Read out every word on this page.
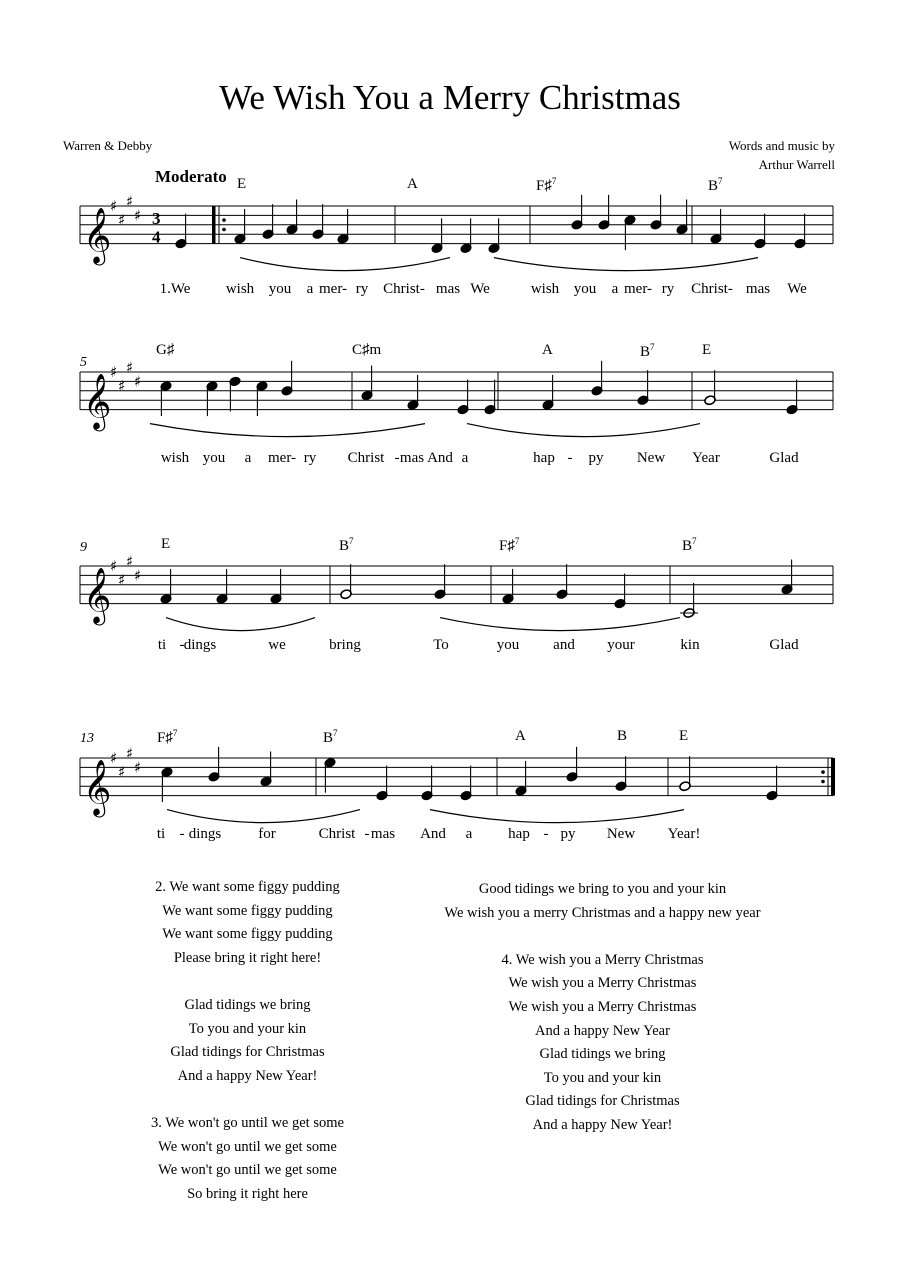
We Wish You a Merry Christmas
Warren & Debby	Words and music by
Arthur Warrell
Moderato
𝄞
♯
♯
♯
♯ 3
4
𝄞
♯
♯
♯
♯
𝄞
♯
♯
♯
♯
𝄞
♯
♯
♯
♯
E	A	F♯$^7$	$B^7$
1.We wish you a mer- ry Christ- mas We	wish you a mer- ry Christ- mas We
5
G♯	C♯m	A	$B^7$	E
wish you a mer- ry Christ - mas And a	hap - py New Year	Glad
9	E	$B^7$	F♯$^7$	$B^7$
ti - dings	we	bring	To	you and your	kin	Glad
13	F♯$^7$	$B^7$	A	B	E
ti - dings for	Christ - mas And a hap - py New Year!
2. We want some figgy pudding
We want some figgy pudding
We want some figgy pudding
Please bring it right here!
Glad tidings we bring
To you and your kin
Glad tidings for Christmas
And a happy New Year!
3. We won't go until we get some
We won't go until we get some
We won't go until we get some
So bring it right here
Good tidings we bring to you and your kin
We wish you a merry Christmas and a happy new year
4. We wish you a Merry Christmas
We wish you a Merry Christmas
We wish you a Merry Christmas
And a happy New Year
Glad tidings we bring
To you and your kin
Glad tidings for Christmas
And a happy New Year!
